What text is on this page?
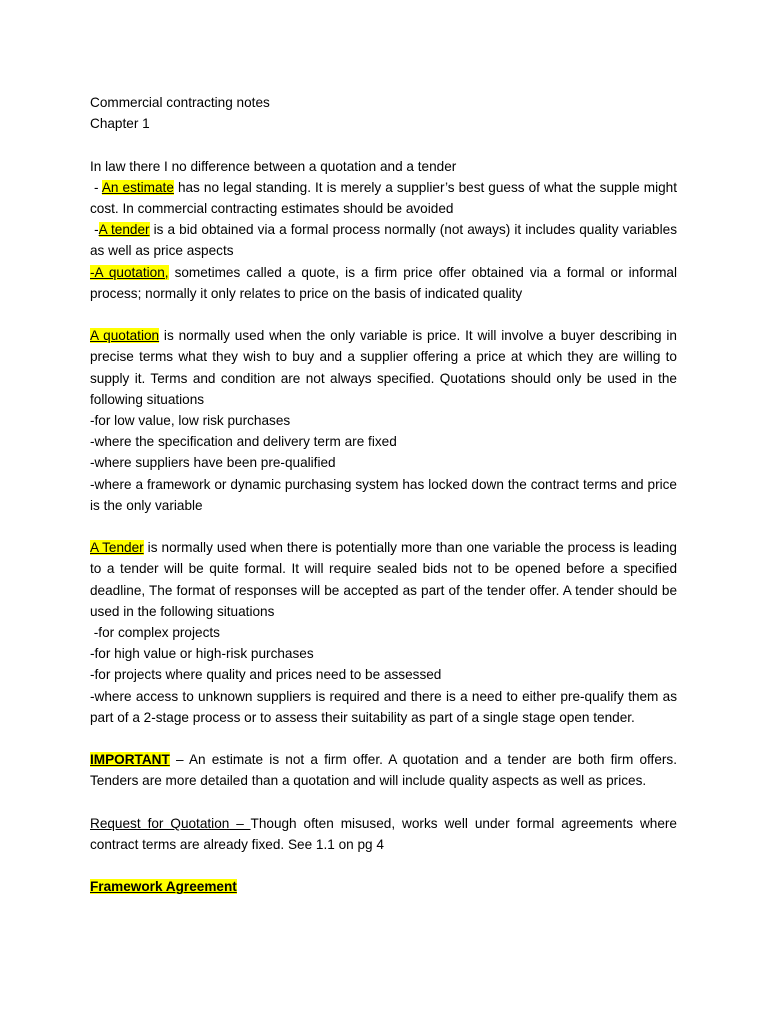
Commercial contracting notes
Chapter 1
In law there I no difference between a quotation and a tender

- An estimate has no legal standing. It is merely a supplier’s best guess of what the supple might cost. In commercial contracting estimates should be avoided

-A tender is a bid obtained via a formal process normally (not aways) it includes quality variables as well as price aspects

-A quotation, sometimes called a quote, is a firm price offer obtained via a formal or informal process; normally it only relates to price on the basis of indicated quality

A quotation is normally used when the only variable is price. It will involve a buyer describing in precise terms what they wish to buy and a supplier offering a price at which they are willing to supply it. Terms and condition are not always specified. Quotations should only be used in the following situations

-for low value, low risk purchases
-where the specification and delivery term are fixed
-where suppliers have been pre-qualified

-where a framework or dynamic purchasing system has locked down the contract terms and price is the only variable

A Tender is normally used when there is potentially more than one variable the process is leading to a tender will be quite formal. It will require sealed bids not to be opened before a specified deadline, The format of responses will be accepted as part of the tender offer. A tender should be used in the following situations

-for complex projects
-for high value or high-risk purchases
-for projects where quality and prices need to be assessed

-where access to unknown suppliers is required and there is a need to either pre-qualify them as part of a 2-stage process or to assess their suitability as part of a single stage open tender.

IMPORTANT – An estimate is not a firm offer. A quotation and a tender are both firm offers. Tenders are more detailed than a quotation and will include quality aspects as well as prices.

Request for Quotation – Though often misused, works well under formal agreements where contract terms are already fixed. See 1.1 on pg 4

Framework Agreement
